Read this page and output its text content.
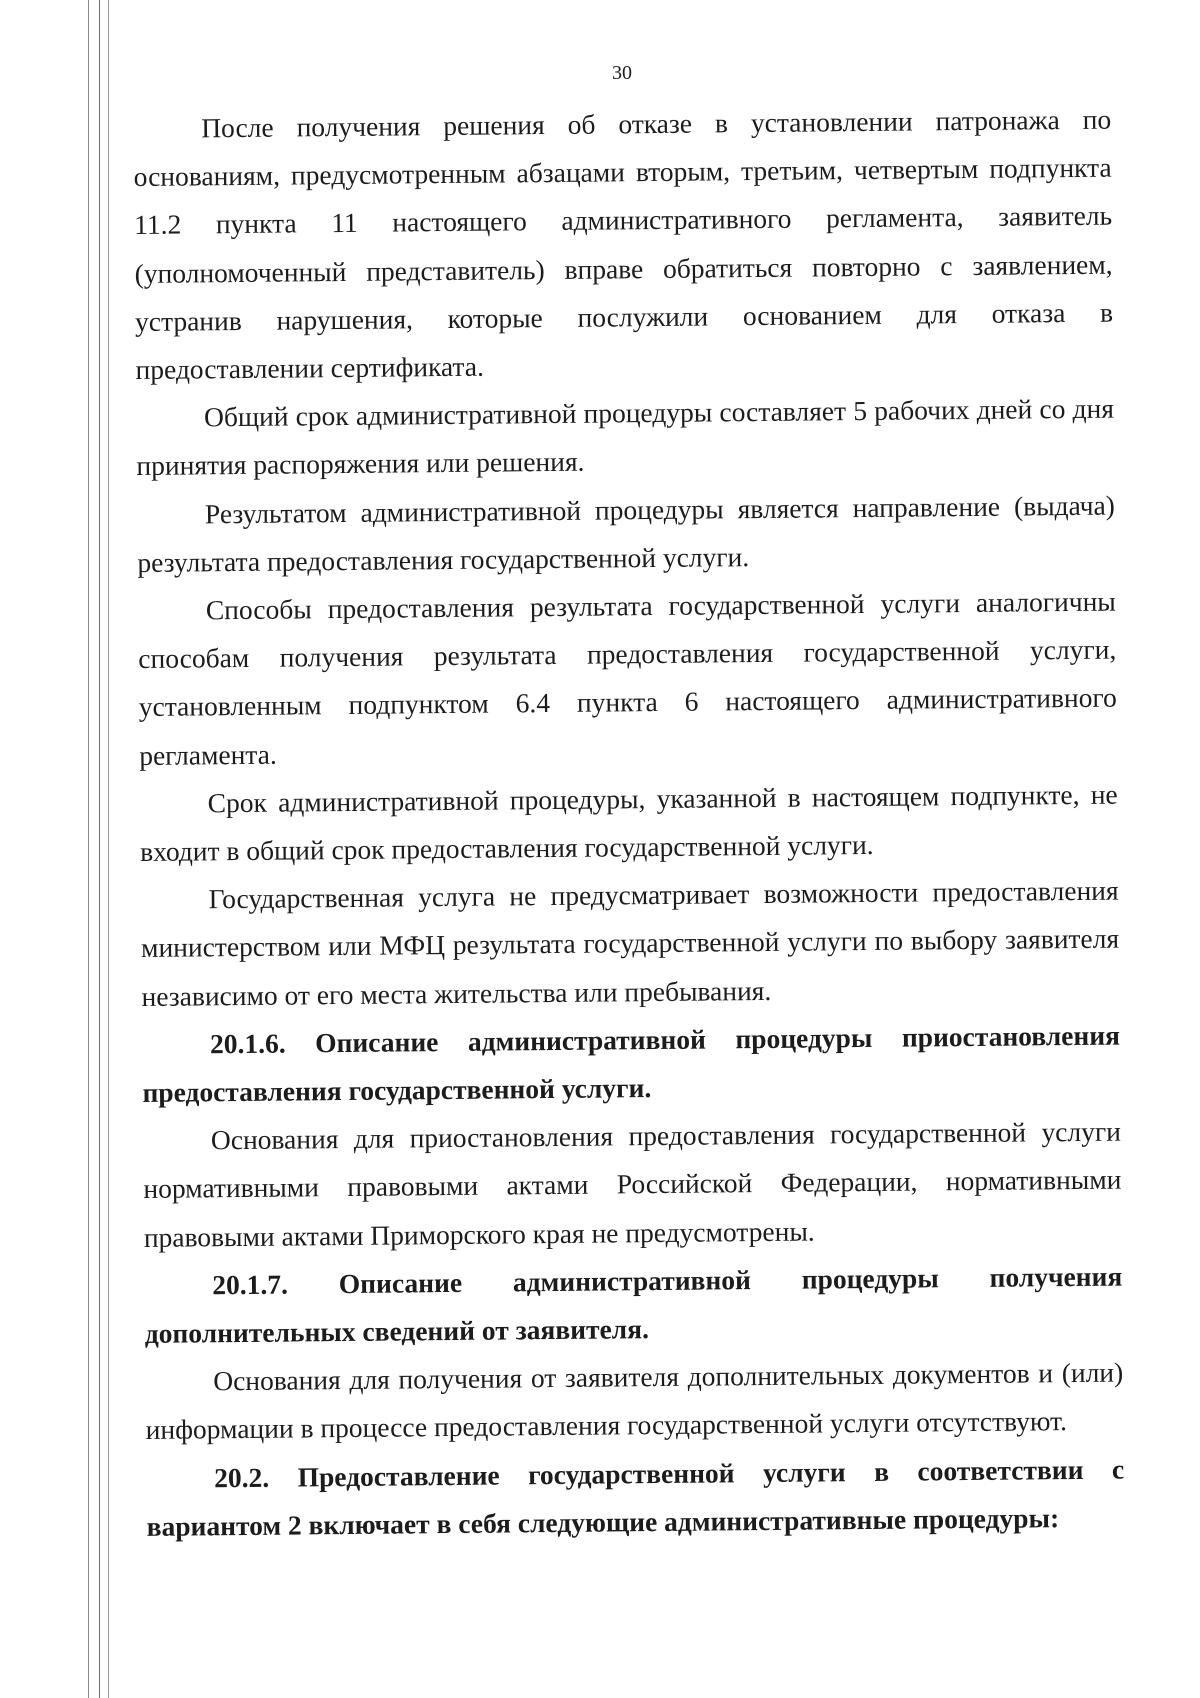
30

После получения решения об отказе в установлении патронажа по основаниям, предусмотренным абзацами вторым, третьим, четвертым подпункта 11.2 пункта 11 настоящего административного регламента, заявитель (уполномоченный представитель) вправе обратиться повторно с заявлением, устранив нарушения, которые послужили основанием для отказа в предоставлении сертификата.

Общий срок административной процедуры составляет 5 рабочих дней со дня принятия распоряжения или решения.

Результатом административной процедуры является направление (выдача) результата предоставления государственной услуги.

Способы предоставления результата государственной услуги аналогичны способам получения результата предоставления государственной услуги, установленным подпунктом 6.4 пункта 6 настоящего административного регламента.

Срок административной процедуры, указанной в настоящем подпункте, не входит в общий срок предоставления государственной услуги.

Государственная услуга не предусматривает возможности предоставления министерством или МФЦ результата государственной услуги по выбору заявителя независимо от его места жительства или пребывания.

20.1.6. Описание административной процедуры приостановления предоставления государственной услуги.

Основания для приостановления предоставления государственной услуги нормативными правовыми актами Российской Федерации, нормативными правовыми актами Приморского края не предусмотрены.

20.1.7. Описание административной процедуры получения дополнительных сведений от заявителя.

Основания для получения от заявителя дополнительных документов и (или) информации в процессе предоставления государственной услуги отсутствуют.

20.2. Предоставление государственной услуги в соответствии с вариантом 2 включает в себя следующие административные процедуры:
